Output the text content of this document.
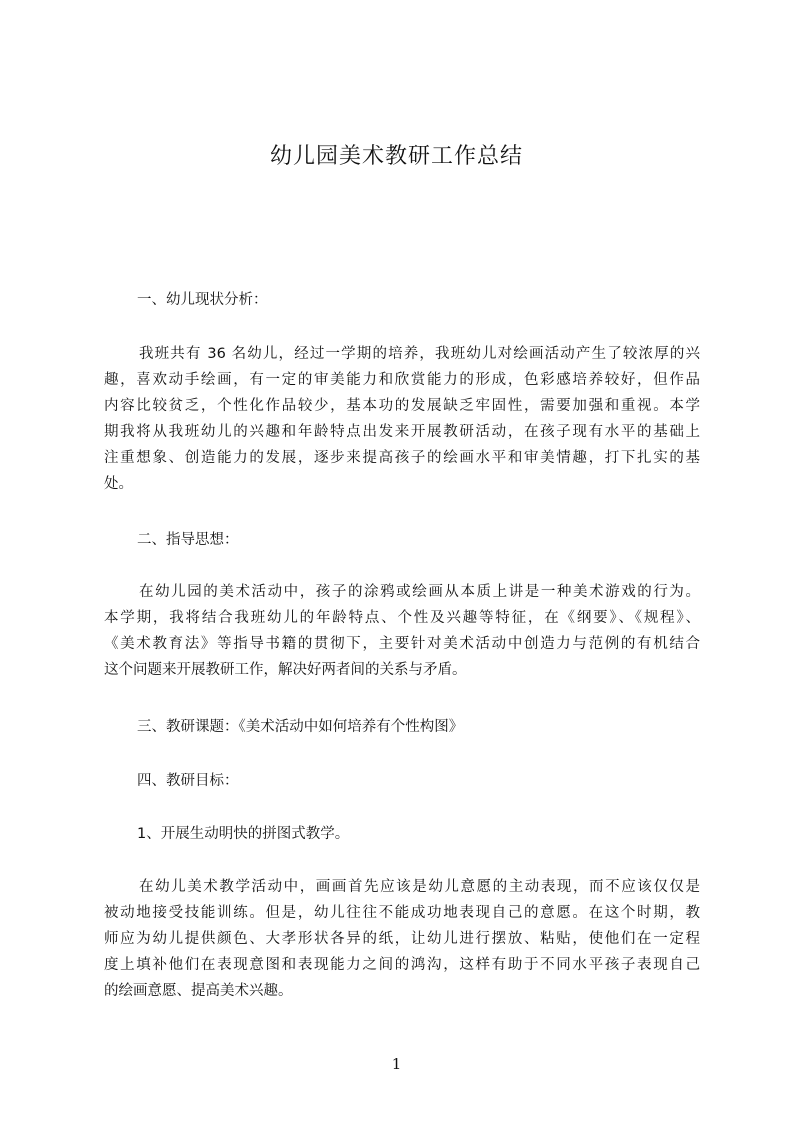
幼儿园美术教研工作总结
一、幼儿现状分析：
我班共有 36 名幼儿，经过一学期的培养，我班幼儿对绘画活动产生了较浓厚的兴
趣，喜欢动手绘画，有一定的审美能力和欣赏能力的形成，色彩感培养较好，但作品
内容比较贫乏，个性化作品较少，基本功的发展缺乏牢固性，需要加强和重视。本学
期我将从我班幼儿的兴趣和年龄特点出发来开展教研活动，在孩子现有水平的基础上
注重想象、创造能力的发展，逐步来提高孩子的绘画水平和审美情趣，打下扎实的基
处。
二、指导思想：
在幼儿园的美术活动中，孩子的涂鸦或绘画从本质上讲是一种美术游戏的行为。
本学期，我将结合我班幼儿的年龄特点、个性及兴趣等特征，在《纲要》、《规程》、
《美术教育法》等指导书籍的贯彻下，主要针对美术活动中创造力与范例的有机结合
这个问题来开展教研工作，解决好两者间的关系与矛盾。
三、教研课题：《美术活动中如何培养有个性构图》
四、教研目标：
1、开展生动明快的拼图式教学。
在幼儿美术教学活动中，画画首先应该是幼儿意愿的主动表现，而不应该仅仅是
被动地接受技能训练。但是，幼儿往往不能成功地表现自己的意愿。在这个时期，教
师应为幼儿提供颜色、大孝形状各异的纸，让幼儿进行摆放、粘贴，使他们在一定程
度上填补他们在表现意图和表现能力之间的鸿沟，这样有助于不同水平孩子表现自己
的绘画意愿、提高美术兴趣。
1
